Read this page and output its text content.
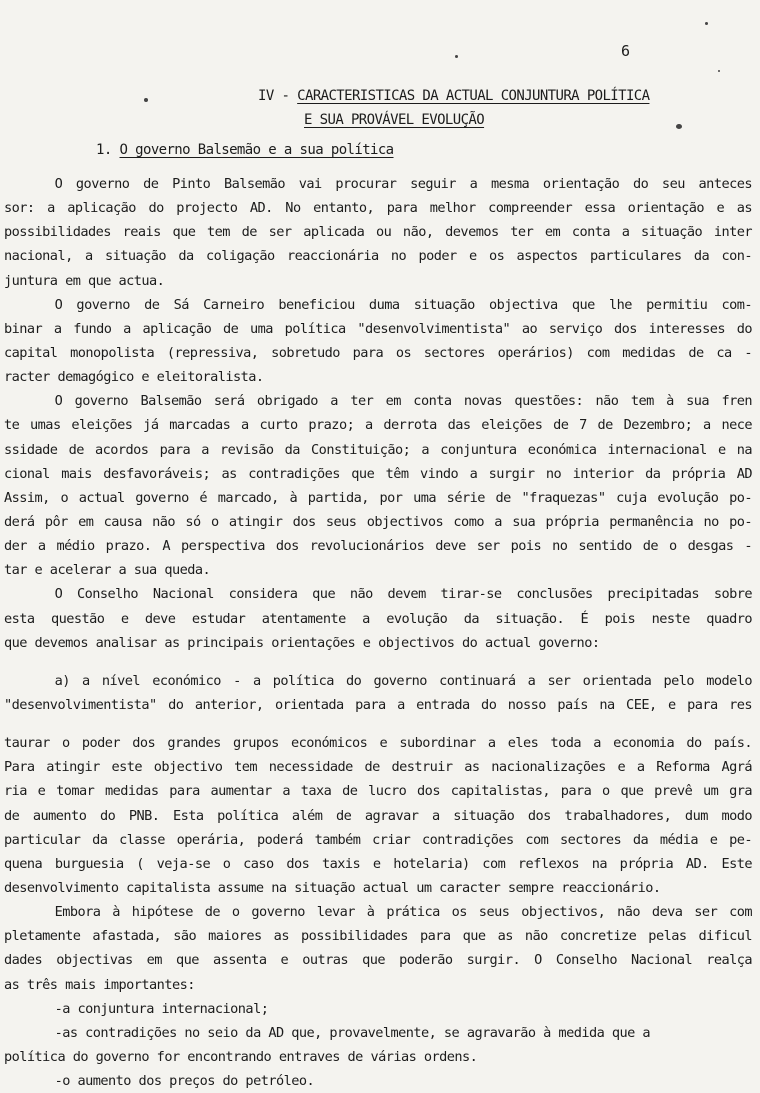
6
IV - CARACTERISTICAS DA ACTUAL CONJUNTURA POLÍTICA
E SUA PROVÁVEL EVOLUÇÃO
1. O governo Balsemão e a sua política
O governo de Pinto Balsemão vai procurar seguir a mesma orientação do seu anteces
sor: a aplicação do projecto AD. No entanto, para melhor compreender essa orientação e as
possibilidades reais que tem de ser aplicada ou não, devemos ter em conta a situação inter
nacional, a situação da coligação reaccionária no poder e os aspectos particulares da con-
juntura em que actua.
O governo de Sá Carneiro beneficiou duma situação objectiva que lhe permitiu com-
binar a fundo a aplicação de uma política "desenvolvimentista" ao serviço dos interesses do
capital monopolista (repressiva, sobretudo para os sectores operários) com medidas de ca -
racter demagógico e eleitoralista.
O governo Balsemão será obrigado a ter em conta novas questões: não tem à sua fren
te umas eleições já marcadas a curto prazo; a derrota das eleições de 7 de Dezembro; a nece
ssidade de acordos para a revisão da Constituição; a conjuntura económica internacional e na
cional mais desfavoráveis; as contradições que têm vindo a surgir no interior da própria AD
Assim, o actual governo é marcado, à partida, por uma série de "fraquezas" cuja evolução po-
derá pôr em causa não só o atingir dos seus objectivos como a sua própria permanência no po-
der a médio prazo. A perspectiva dos revolucionários deve ser pois no sentido de o desgas -
tar e acelerar a sua queda.
O Conselho Nacional considera que não devem tirar-se conclusões precipitadas sobre
esta questão e deve estudar atentamente a evolução da situação. É pois neste quadro
que devemos analisar as principais orientações e objectivos do actual governo:
a) a nível económico - a política do governo continuará a ser orientada pelo modelo
"desenvolvimentista" do anterior, orientada para a entrada do nosso país na CEE, e para res
taurar o poder dos grandes grupos económicos e subordinar a eles toda a economia do país.
Para atingir este objectivo tem necessidade de destruir as nacionalizações e a Reforma Agrá
ria e tomar medidas para aumentar a taxa de lucro dos capitalistas, para o que prevê um gra
de aumento do PNB. Esta política além de agravar a situação dos trabalhadores, dum modo
particular da classe operária, poderá também criar contradições com sectores da média e pe-
quena burguesia ( veja-se o caso dos taxis e hotelaria) com reflexos na própria AD. Este
desenvolvimento capitalista assume na situação actual um caracter sempre reaccionário.
Embora à hipótese de o governo levar à prática os seus objectivos, não deva ser com
pletamente afastada, são maiores as possibilidades para que as não concretize pelas dificul
dades objectivas em que assenta e outras que poderão surgir. O Conselho Nacional realça
as três mais importantes:
-a conjuntura internacional;
-as contradições no seio da AD que, provavelmente, se agravarão à medida que a
política do governo for encontrando entraves de várias ordens.
-o aumento dos preços do petróleo.
